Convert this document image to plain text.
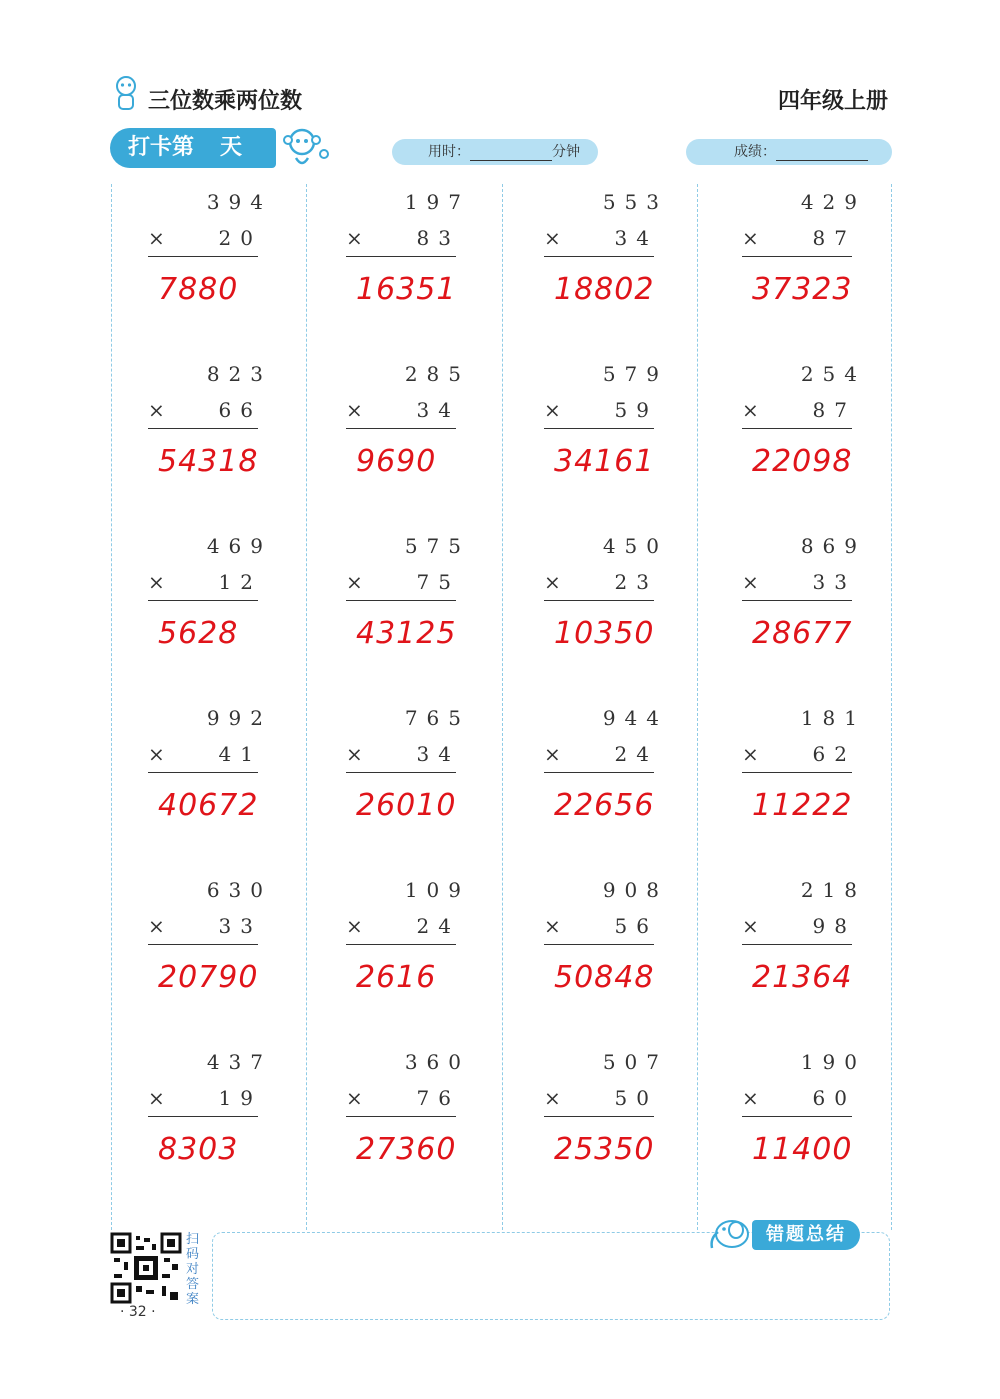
三位数乘两位数	四年级上册
打卡第 天	用时：	分钟	成绩：
394
×	20
7880
197
×	83
16351
553
×	34
18802
429
×	87
37323
823
×	66
54318
285
×	34
9690
579
×	59
34161
254
×	87
22098
469
×	12
5628
575
×	75
43125
450
×	23
10350
869
×	33
28677
992
×	41
40672
765
×	34
26010
944
×	24
22656
181
×	62
11222
630
×	33
20790
109
×	24
2616
908
×	56
50848
218
×	98
21364
437
×	19
8303
360
×	76
27360
507
×	50
25350
190
×	60
11400
扫码对答案
· 32 ·
错题总结
